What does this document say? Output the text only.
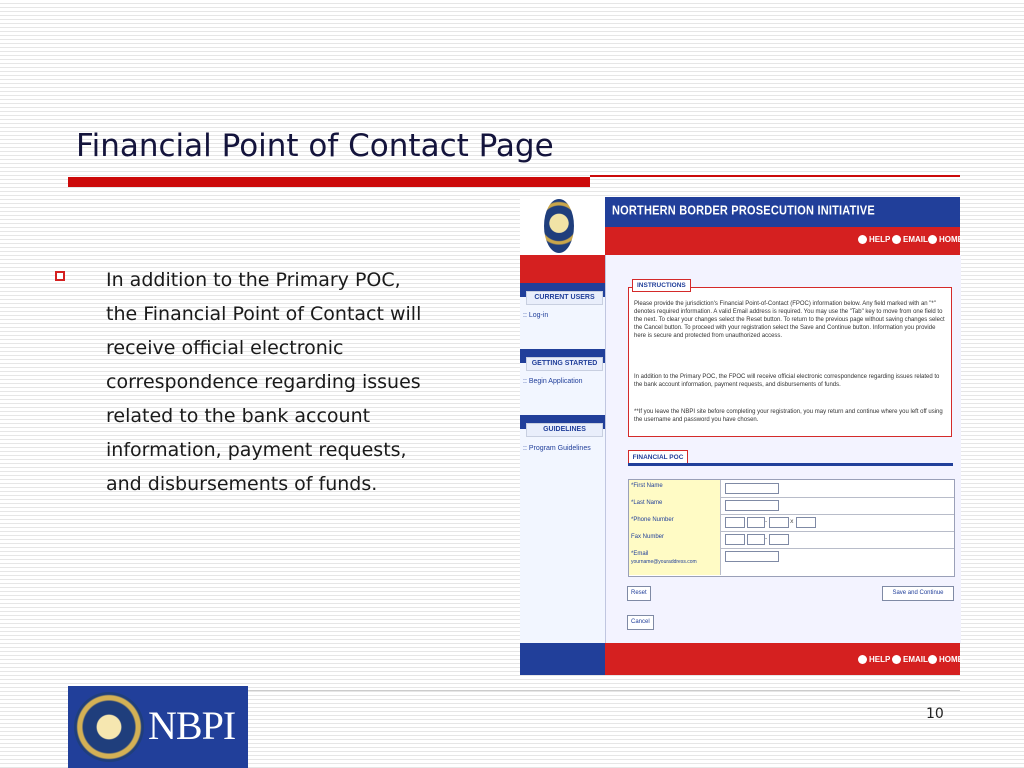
Financial Point of Contact Page
In addition to the Primary POC, the Financial Point of Contact will receive official electronic correspondence regarding issues related to the bank account information, payment requests, and disbursements of funds.
NORTHERN BORDER PROSECUTION INITIATIVE
HELP	EMAIL	HOME
CURRENT USERS
:: Log-in
GETTING STARTED
:: Begin Application
GUIDELINES
:: Program Guidelines
INSTRUCTIONS
Please provide the jurisdiction's Financial Point-of-Contact (FPOC) information below. Any field marked with an "*" denotes required information. A valid Email address is required. You may use the "Tab" key to move from one field to the next. To clear your changes select the Reset button. To return to the previous page without saving changes select the Cancel button. To proceed with your registration select the Save and Continue button. Information you provide here is secure and protected from unauthorized access.
In addition to the Primary POC, the FPOC will receive official electronic correspondence regarding issues related to the bank account information, payment requests, and disbursements of funds.
**If you leave the NBPI site before completing your registration, you may return and continue where you left off using the username and password you have chosen.
FINANCIAL POC
*First Name
*Last Name
*Phone Number	-	x
Fax Number	-
*Email
yourname@youraddress.com
Reset	Save and Continue
Cancel
HELP	EMAIL	HOME
NBPI	10
